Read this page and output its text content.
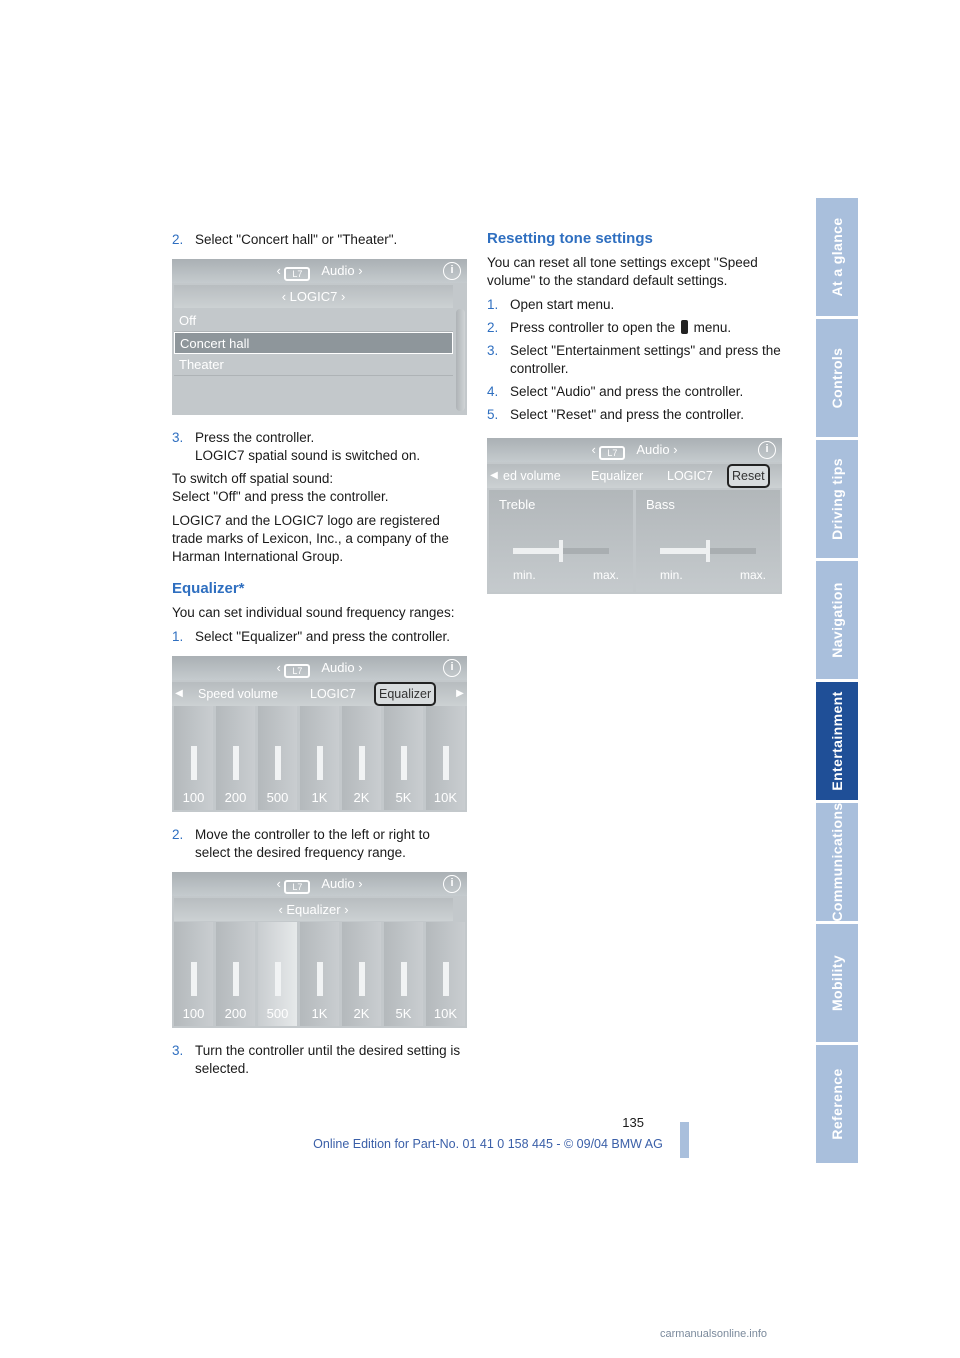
At a glance
Controls
Driving tips
Navigation
Entertainment
Communications
Mobility
Reference
2. Select "Concert hall" or "Theater".
‹ L7 Audio ›	i
‹ LOGIC7 ›
Off
Concert hall
Theater
3. Press the controller.
LOGIC7 spatial sound is switched on.

To switch off spatial sound:
Select "Off" and press the controller.

LOGIC7 and the LOGIC7 logo are registered trade marks of Lexicon, Inc., a company of the Harman International Group.

Equalizer*

You can set individual sound frequency ranges:

1. Select "Equalizer" and press the controller.
‹ L7 Audio ›	i
◀ Speed volume	LOGIC7	Equalizer	▶
100	200	500	1K	2K	5K	10K
2. Move the controller to the left or right to select the desired frequency range.
‹ L7 Audio ›	i
‹ Equalizer ›
100	200	500	1K	2K	5K	10K
3. Turn the controller until the desired setting is selected.
Resetting tone settings

You can reset all tone settings except "Speed volume" to the standard default settings.

1. Open start menu.
2. Press controller to open the menu.
3. Select "Entertainment settings" and press the controller.
4. Select "Audio" and press the controller.
5. Select "Reset" and press the controller.
‹ L7 Audio ›	i
◀ ed volume Equalizer LOGIC7	Reset
Treble
min.	max.
Bass
min.	max.
135
Online Edition for Part-No. 01 41 0 158 445 - © 09/04 BMW AG
carmanualsonline.info
